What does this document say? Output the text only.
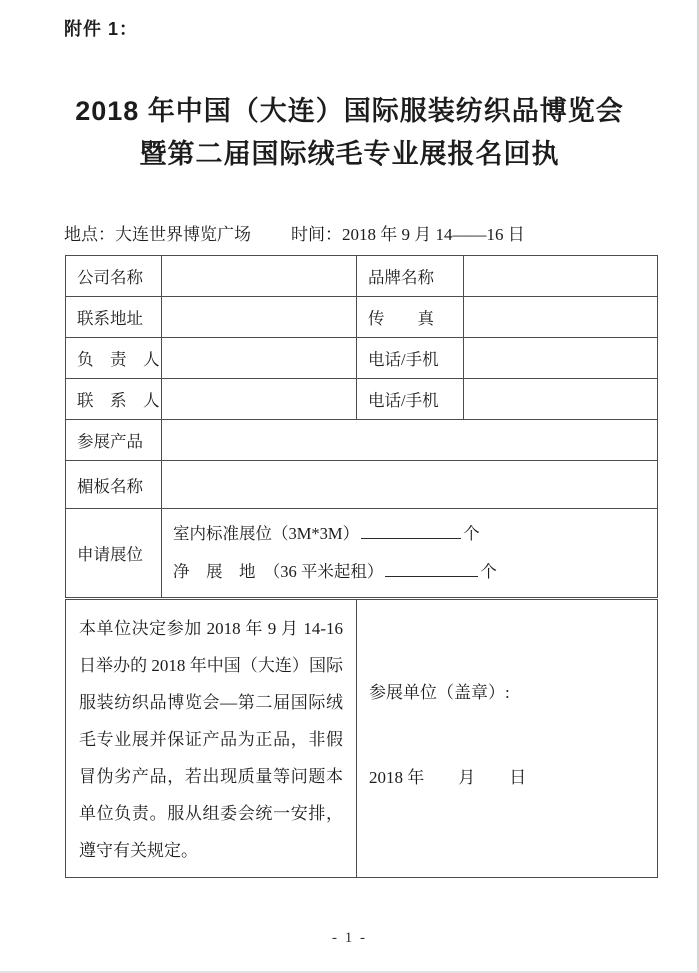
附件 1：
2018 年中国（大连）国际服装纺织品博览会
暨第二届国际绒毛专业展报名回执
地点：大连世界博览广场 时间：2018 年 9 月 14——16 日
公司名称		品牌名称	
联系地址		传　　真	
负　责　人		电话/手机	
联　系　人		电话/手机	
参展产品			
楣板名称			
申请展位	室内标准展位（3M*3M） 个
净　展　地　（36 平米起租） 个		
本单位决定参加 2018 年 9 月 14-16 日举办的 2018 年中国（大连）国际服装纺织品博览会—第二届国际绒毛专业展并保证产品为正品，非假冒伪劣产品，若出现质量等问题本单位负责。服从组委会统一安排，遵守有关规定。	
参展单位（盖章）:
2018 年　　月　　日
- 1 -
